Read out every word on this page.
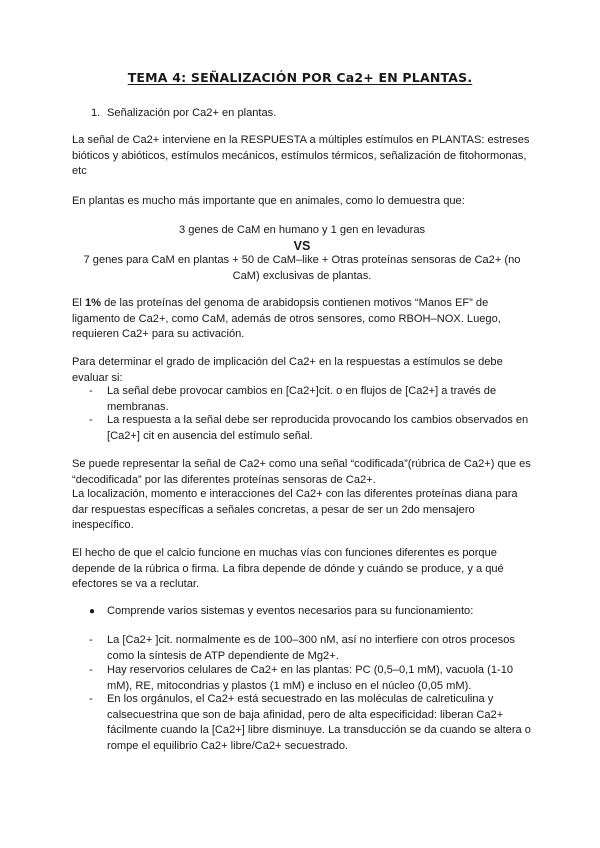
TEMA 4: SEÑALIZACIÓN POR Ca2+ EN PLANTAS.
1. Señalización por Ca2+ en plantas.

La señal de Ca2+ interviene en la RESPUESTA a múltiples estímulos en PLANTAS: estreses bióticos y abióticos, estímulos mecánicos, estímulos térmicos, señalización de fitohormonas, etc

En plantas es mucho más importante que en animales, como lo demuestra que:

3 genes de CaM en humano y 1 gen en levaduras

VS

7 genes para CaM en plantas + 50 de CaM–like + Otras proteínas sensoras de Ca2+ (no CaM) exclusivas de plantas.

El 1% de las proteínas del genoma de arabidopsis contienen motivos “Manos EF” de ligamento de Ca2+, como CaM, además de otros sensores, como RBOH–NOX. Luego, requieren Ca2+ para su activación.

Para determinar el grado de implicación del Ca2+ en la respuestas a estímulos se debe evaluar si:

- La señal debe provocar cambios en [Ca2+]cit. o en flujos de [Ca2+] a través de membranas.

- La respuesta a la señal debe ser reproducida provocando los cambios observados en [Ca2+] cit en ausencia del estímulo señal.

Se puede representar la señal de Ca2+ como una señal “codificada”(rúbrica de Ca2+) que es “decodificada” por las diferentes proteínas sensoras de Ca2+.

La localización, momento e interacciones del Ca2+ con las diferentes proteínas diana para dar respuestas específicas a señales concretas, a pesar de ser un 2do mensajero inespecífico.

El hecho de que el calcio funcione en muchas vías con funciones diferentes es porque depende de la rúbrica o firma. La fibra depende de dónde y cuándo se produce, y a qué efectores se va a reclutar.

● Comprende varios sistemas y eventos necesarios para su funcionamiento:

- La [Ca2+ ]cit. normalmente es de 100–300 nM, así no interfiere con otros procesos como la síntesis de ATP dependiente de Mg2+.

- Hay reservorios celulares de Ca2+ en las plantas: PC (0,5–0,1 mM), vacuola (1-10 mM), RE, mitocondrias y plastos (1 mM) e incluso en el núcleo (0,05 mM).

- En los orgánulos, el Ca2+ está secuestrado en las moléculas de calreticulina y calsecuestrina que son de baja afinidad, pero de alta especificidad: liberan Ca2+ fácilmente cuando la [Ca2+] libre disminuye. La transducción se da cuando se altera o rompe el equilibrio Ca2+ libre/Ca2+ secuestrado.
